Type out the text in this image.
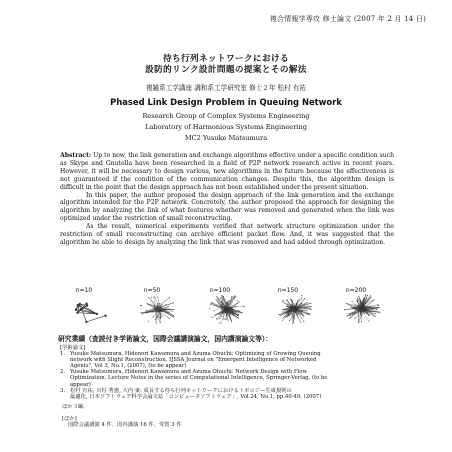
複合情報学専攻 修士論文 (2007 年 2 月 14 日)
待ち行列ネットワークにおける
設防的リンク設計問題の提案とその解法
複雑系工学講座 調和系工学研究室 修士２年 松村 有祐
Phased Link Design Problem in Queuing Network
Research Group of Complex Systems Engineering
Laboratory of Harmonious Systems Engineering
MC2 Yusuke Matsumura

Abstract: Up to now, the link generation and exchange algorithms effective under a specific condition such as Skype and Gnutella have been researched in a field of P2P network research active in recent years. However, it will be necessary to design various, new algorithms in the future because the effectiveness is not guaranteed if the condition of the communication changes. Despite this, the algorithm design is difficult in the point that the design approach has not been established under the present situation.

In this paper, the author proposed the design approach of the link generation and the exchange algorithm intended for the P2P network. Concretely, the author proposed the approach for designing the algorithm by analyzing the link of what features whether was removed and generated when the link was optimized under the restriction of small reconstructing.

As the result, numerical experiments verified that network structure optimization under the restriction of small reconstructing can archive efficient packet flow. And, it was suggested that the algorithm be able to design by analyzing the link that was removed and had added through optimization.

n=10	n=50	n=100	n=150	n=200
研究業績（査読付き学術論文，国際会議講演論文，国内講演論文等）：
[学術論文]
1. Yusuke Matsumura, Hidenori Kawamura and Azuma Ohuchi: Optimizing of Growing Queuing
network with Slight Reconstruction, IJSSA Journal on "Emergent Intelligence of Networked
Agents", Vol 3, No.1, (2007), (to be appear)
2. Yusuke Matsumura, Hidenori Kawamura and Azuma Ohuchi: Network Design with Flow
Optimization, Lecture Notes in the series of Computational Intelligence, Springer-Verlag, (to be
appear)
3. 松村 有祐, 川村 秀憲, 大内 東: 成長する待ち行列ネットワークにおけるトポロジー生成規則の
最適化, 日本ソフトウェア科学会論文誌「コンピュータソフトウェア」, Vol.24, No.1, pp.40-49, (2007)
ほか３編.
[ほか]
国際会議講演 4 件、国内講演 16 件、受賞 3 件
